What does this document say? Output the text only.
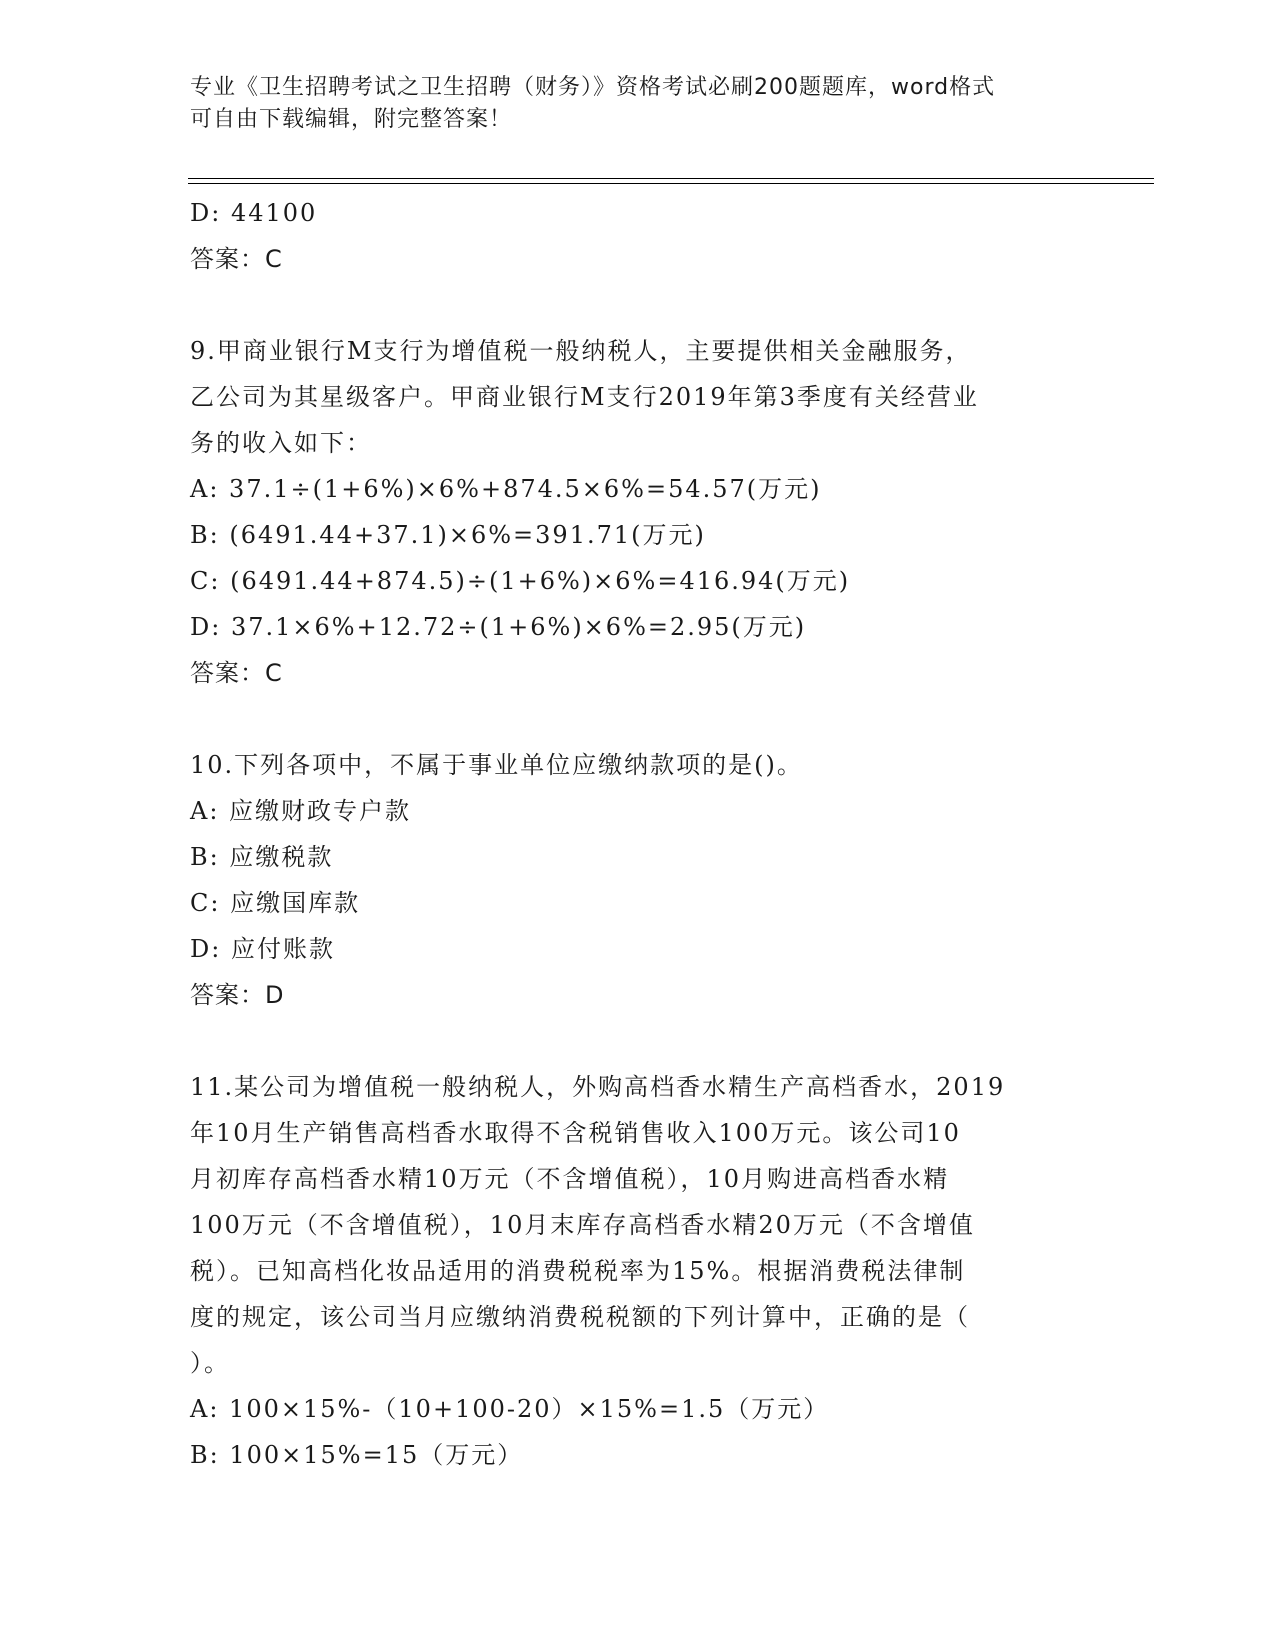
专业《卫生招聘考试之卫生招聘（财务）》资格考试必刷200题题库，word格式
可自由下载编辑，附完整答案！
D: 44100
答案：C
9.甲商业银行M支行为增值税一般纳税人，主要提供相关金融服务，
乙公司为其星级客户。甲商业银行M支行2019年第3季度有关经营业
务的收入如下：
A: 37.1÷(1+6%)×6%+874.5×6%=54.57(万元)
B: (6491.44+37.1)×6%=391.71(万元)
C: (6491.44+874.5)÷(1+6%)×6%=416.94(万元)
D: 37.1×6%+12.72÷(1+6%)×6%=2.95(万元)
答案：C
10.下列各项中，不属于事业单位应缴纳款项的是()。
A: 应缴财政专户款
B: 应缴税款
C: 应缴国库款
D: 应付账款
答案：D
11.某公司为增值税一般纳税人，外购高档香水精生产高档香水，2019
年10月生产销售高档香水取得不含税销售收入100万元。该公司10
月初库存高档香水精10万元（不含增值税），10月购进高档香水精
100万元（不含增值税），10月末库存高档香水精20万元（不含增值
税）。已知高档化妆品适用的消费税税率为15%。根据消费税法律制
度的规定，该公司当月应缴纳消费税税额的下列计算中，正确的是（
）。
A: 100×15%-（10+100-20）×15%=1.5（万元）
B: 100×15%=15（万元）
